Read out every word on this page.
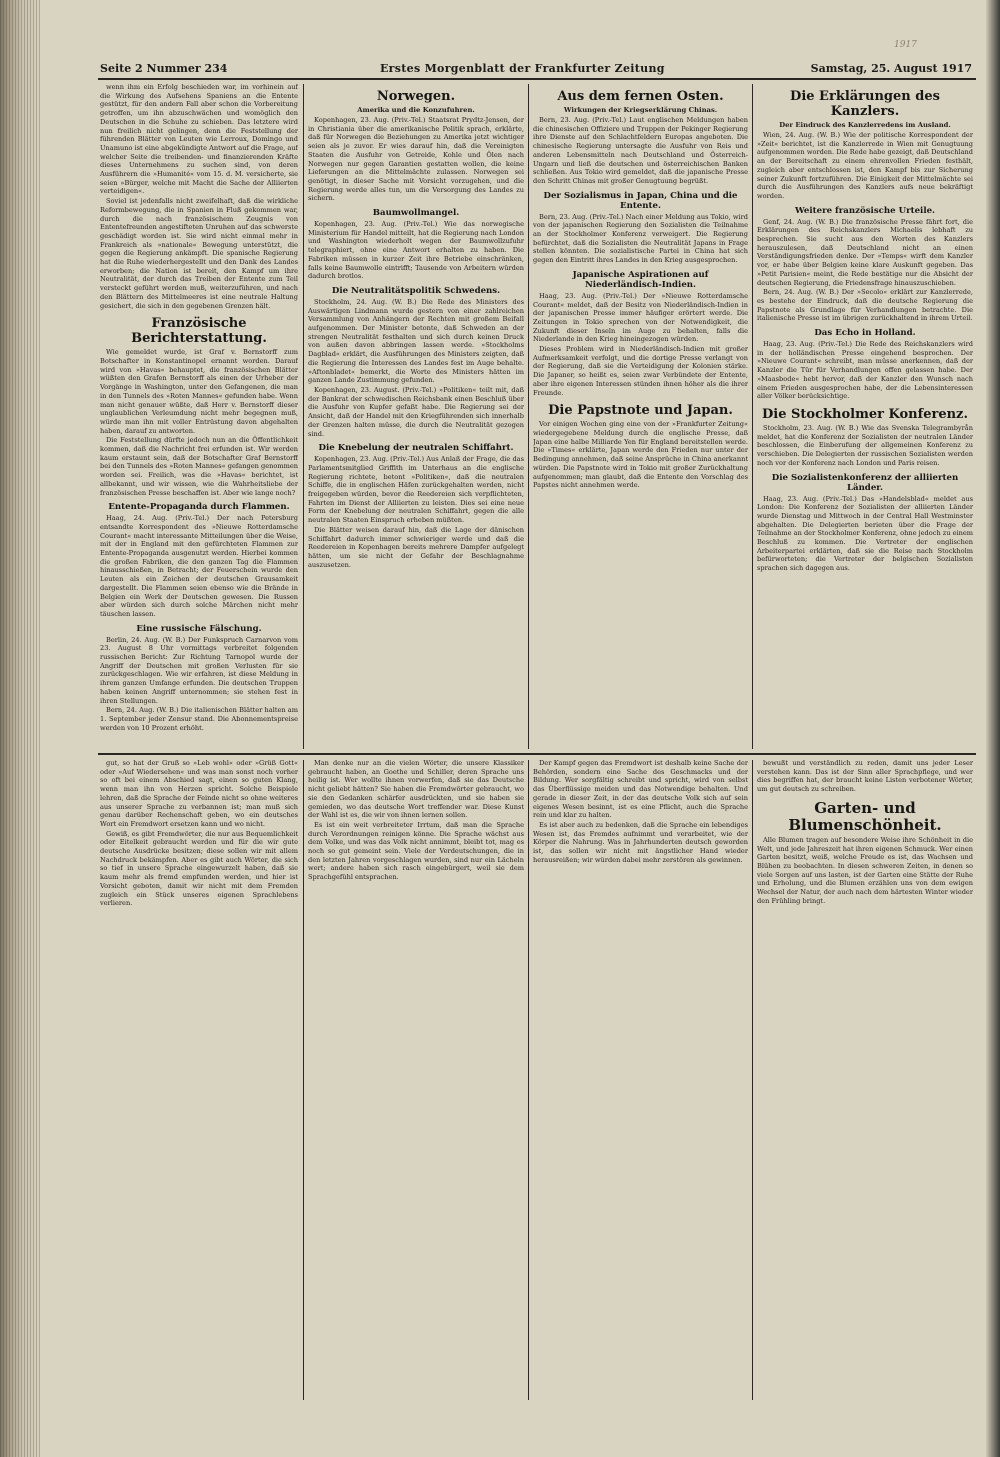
1917
Seite 2 Nummer 234	Erstes Morgenblatt der Frankfurter Zeitung	Samstag, 25. August 1917

wenn ihm ein Erfolg beschieden war, im vorhinein auf die Wirkung des Aufsehens Spaniens an die Entente gestützt, für den andern Fall aber schon die Vorbereitung getroffen, um ihn abzuschwächen und womöglich den Deutschen in die Schuhe zu schieben. Das letztere wird nun freilich nicht gelingen, denn die Feststellung der führenden Blätter von Leuten wie Lerroux, Domingo und Unamuno ist eine abgekündigte Antwort auf die Frage, auf welcher Seite die treibenden- und finanzierenden Kräfte dieses Unternehmens zu suchen sind, von deren Ausführern die »Humanité« vom 15. d. M. versicherte, sie seien »Bürger, welche mit Macht die Sache der Alliierten verteidigen«.

Soviel ist jedenfalls nicht zweifelhaft, daß die wirkliche Reformbewegung, die in Spanien in Fluß gekommen war, durch die nach französischem Zeugnis von Ententefreunden angestifteten Unruhen auf das schwerste geschädigt worden ist. Sie wird nicht einmal mehr in Frankreich als »nationale« Bewegung unterstützt, die gegen die Regierung ankämpft. Die spanische Regierung hat die Ruhe wiederhergestellt und den Dank des Landes erworben; die Nation ist bereit, den Kampf um ihre Neutralität, der durch das Treiben der Entente zum Teil versteckt geführt werden muß, weiterzuführen, und nach den Blättern des Mittelmeeres ist eine neutrale Haltung gesichert, die sich in den gegebenen Grenzen hält.

Französische Berichterstattung.

Wie gemeldet wurde, ist Graf v. Bernstorff zum Botschafter in Konstantinopel ernannt worden. Darauf wird von »Havas« behauptet, die französischen Blätter wüßten den Grafen Bernstorff als einen der Urheber der Vorgänge in Washington, unter den Gefangenen, die man in den Tunnels des »Roten Mannes« gefunden habe. Wenn man nicht genauer wüßte, daß Herr v. Bernstorff dieser unglaublichen Verleumdung nicht mehr begegnen muß, würde man ihn mit voller Entrüstung davon abgehalten haben, darauf zu antworten.

Die Feststellung dürfte jedoch nun an die Öffentlichkeit kommen, daß die Nachricht frei erfunden ist. Wir werden kaum erstaunt sein, daß der Botschafter Graf Bernstorff bei den Tunnels des »Roten Mannes« gefangen genommen worden sei. Freilich, was die »Havas« berichtet, ist allbekannt, und wir wissen, wie die Wahrheitsliebe der französischen Presse beschaffen ist. Aber wie lange noch?

Entente-Propaganda durch Flammen.

Haag, 24. Aug. (Priv.-Tel.) Der nach Petersburg entsandte Korrespondent des »Nieuwe Rotterdamsche Courant« macht interessante Mitteilungen über die Weise, mit der in England mit den gefürchteten Flammen zur Entente-Propaganda ausgenutzt werden. Hierbei kommen die großen Fabriken, die den ganzen Tag die Flammen hinausschießen, in Betracht; der Feuerschein wurde den Leuten als ein Zeichen der deutschen Grausamkeit dargestellt. Die Flammen seien ebenso wie die Brände in Belgien ein Werk der Deutschen gewesen. Die Russen aber würden sich durch solche Märchen nicht mehr täuschen lassen.

Eine russische Fälschung.

Berlin, 24. Aug. (W. B.) Der Funkspruch Carnarvon vom 23. August 8 Uhr vormittags verbreitet folgenden russischen Bericht: Zur Richtung Tarnopol wurde der Angriff der Deutschen mit großen Verlusten für sie zurückgeschlagen. Wie wir erfahren, ist diese Meldung in ihrem ganzen Umfange erfunden. Die deutschen Truppen haben keinen Angriff unternommen; sie stehen fest in ihren Stellungen.

Bern, 24. Aug. (W. B.) Die italienischen Blätter halten am 1. September jeder Zensur stand. Die Abonnementspreise werden von 10 Prozent erhöht.

Norwegen.
Amerika und die Konzufuhren.

Kopenhagen, 23. Aug. (Priv.-Tel.) Staatsrat Prydtz-Jensen, der in Christiania über die amerikanische Politik sprach, erklärte, daß für Norwegen die Beziehungen zu Amerika jetzt wichtiger seien als je zuvor. Er wies darauf hin, daß die Vereinigten Staaten die Ausfuhr von Getreide, Kohle und Ölen nach Norwegen nur gegen Garantien gestatten wollen, die keine Lieferungen an die Mittelmächte zulassen. Norwegen sei genötigt, in dieser Sache mit Vorsicht vorzugehen, und die Regierung werde alles tun, um die Versorgung des Landes zu sichern.

Baumwollmangel.

Kopenhagen, 23. Aug. (Priv.-Tel.) Wie das norwegische Ministerium für Handel mitteilt, hat die Regierung nach London und Washington wiederholt wegen der Baumwollzufuhr telegraphiert, ohne eine Antwort erhalten zu haben. Die Fabriken müssen in kurzer Zeit ihre Betriebe einschränken, falls keine Baumwolle eintrifft; Tausende von Arbeitern würden dadurch brotlos.

Die Neutralitätspolitik Schwedens.

Stockholm, 24. Aug. (W. B.) Die Rede des Ministers des Auswärtigen Lindmann wurde gestern von einer zahlreichen Versammlung von Anhängern der Rechten mit großem Beifall aufgenommen. Der Minister betonte, daß Schweden an der strengen Neutralität festhalten und sich durch keinen Druck von außen davon abbringen lassen werde. »Stockholms Dagblad« erklärt, die Ausführungen des Ministers zeigten, daß die Regierung die Interessen des Landes fest im Auge behalte. »Aftonbladet« bemerkt, die Worte des Ministers hätten im ganzen Lande Zustimmung gefunden.

Kopenhagen, 23. August. (Priv.-Tel.) »Politiken« teilt mit, daß der Bankrat der schwedischen Reichsbank einen Beschluß über die Ausfuhr von Kupfer gefaßt habe. Die Regierung sei der Ansicht, daß der Handel mit den Kriegführenden sich innerhalb der Grenzen halten müsse, die durch die Neutralität gezogen sind.

Die Knebelung der neutralen Schiffahrt.

Kopenhagen, 23. Aug. (Priv.-Tel.) Aus Anlaß der Frage, die das Parlamentsmitglied Griffith im Unterhaus an die englische Regierung richtete, betont »Politiken«, daß die neutralen Schiffe, die in englischen Häfen zurückgehalten werden, nicht freigegeben würden, bevor die Reedereien sich verpflichteten, Fahrten im Dienst der Alliierten zu leisten. Dies sei eine neue Form der Knebelung der neutralen Schiffahrt, gegen die alle neutralen Staaten Einspruch erheben müßten.

Die Blätter weisen darauf hin, daß die Lage der dänischen Schiffahrt dadurch immer schwieriger werde und daß die Reedereien in Kopenhagen bereits mehrere Dampfer aufgelegt hätten, um sie nicht der Gefahr der Beschlagnahme auszusetzen.

Aus dem fernen Osten.
Wirkungen der Kriegserklärung Chinas.

Bern, 23. Aug. (Priv.-Tel.) Laut englischen Meldungen haben die chinesischen Offiziere und Truppen der Pekinger Regierung ihre Dienste auf den Schlachtfeldern Europas angeboten. Die chinesische Regierung untersagte die Ausfuhr von Reis und anderen Lebensmitteln nach Deutschland und Österreich-Ungarn und ließ die deutschen und österreichischen Banken schließen. Aus Tokio wird gemeldet, daß die japanische Presse den Schritt Chinas mit großer Genugtuung begrüßt.

Der Sozialismus in Japan, China und die Entente.

Bern, 23. Aug. (Priv.-Tel.) Nach einer Meldung aus Tokio, wird von der japanischen Regierung den Sozialisten die Teilnahme an der Stockholmer Konferenz verweigert. Die Regierung befürchtet, daß die Sozialisten die Neutralität Japans in Frage stellen könnten. Die sozialistische Partei in China hat sich gegen den Eintritt ihres Landes in den Krieg ausgesprochen.

Japanische Aspirationen auf Niederländisch-Indien.

Haag, 23. Aug. (Priv.-Tel.) Der »Nieuwe Rotterdamsche Courant« meldet, daß der Besitz von Niederländisch-Indien in der japanischen Presse immer häufiger erörtert werde. Die Zeitungen in Tokio sprechen von der Notwendigkeit, die Zukunft dieser Inseln im Auge zu behalten, falls die Niederlande in den Krieg hineingezogen würden.

Dieses Problem wird in Niederländisch-Indien mit großer Aufmerksamkeit verfolgt, und die dortige Presse verlangt von der Regierung, daß sie die Verteidigung der Kolonien stärke. Die Japaner, so heißt es, seien zwar Verbündete der Entente, aber ihre eigenen Interessen stünden ihnen höher als die ihrer Freunde.

Die Papstnote und Japan.

Vor einigen Wochen ging eine von der »Frankfurter Zeitung« wiedergegebene Meldung durch die englische Presse, daß Japan eine halbe Milliarde Yen für England bereitstellen werde. Die »Times« erklärte, Japan werde den Frieden nur unter der Bedingung annehmen, daß seine Ansprüche in China anerkannt würden. Die Papstnote wird in Tokio mit großer Zurückhaltung aufgenommen; man glaubt, daß die Entente den Vorschlag des Papstes nicht annehmen werde.

Die Erklärungen des Kanzlers.
Der Eindruck des Kanzlerredens im Ausland.

Wien, 24. Aug. (W. B.) Wie der politische Korrespondent der »Zeit« berichtet, ist die Kanzlerrede in Wien mit Genugtuung aufgenommen worden. Die Rede habe gezeigt, daß Deutschland an der Bereitschaft zu einem ehrenvollen Frieden festhält, zugleich aber entschlossen ist, den Kampf bis zur Sicherung seiner Zukunft fortzuführen. Die Einigkeit der Mittelmächte sei durch die Ausführungen des Kanzlers aufs neue bekräftigt worden.

Weitere französische Urteile.

Genf, 24. Aug. (W. B.) Die französische Presse fährt fort, die Erklärungen des Reichskanzlers Michaelis lebhaft zu besprechen. Sie sucht aus den Worten des Kanzlers herauszulesen, daß Deutschland nicht an einen Verständigungsfrieden denke. Der »Temps« wirft dem Kanzler vor, er habe über Belgien keine klare Auskunft gegeben. Das »Petit Parisien« meint, die Rede bestätige nur die Absicht der deutschen Regierung, die Friedensfrage hinauszuschieben.

Bern, 24. Aug. (W. B.) Der »Secolo« erklärt zur Kanzlerrede, es bestehe der Eindruck, daß die deutsche Regierung die Papstnote als Grundlage für Verhandlungen betrachte. Die italienische Presse ist im übrigen zurückhaltend in ihrem Urteil.

Das Echo in Holland.

Haag, 23. Aug. (Priv.-Tel.) Die Rede des Reichskanzlers wird in der holländischen Presse eingehend besprochen. Der »Nieuwe Courant« schreibt, man müsse anerkennen, daß der Kanzler die Tür für Verhandlungen offen gelassen habe. Der »Maasbode« hebt hervor, daß der Kanzler den Wunsch nach einem Frieden ausgesprochen habe, der die Lebensinteressen aller Völker berücksichtige.

Die Stockholmer Konferenz.

Stockholm, 23. Aug. (W. B.) Wie das Svenska Telegrambyrån meldet, hat die Konferenz der Sozialisten der neutralen Länder beschlossen, die Einberufung der allgemeinen Konferenz zu verschieben. Die Delegierten der russischen Sozialisten werden noch vor der Konferenz nach London und Paris reisen.

Die Sozialistenkonferenz der alliierten Länder.

Haag, 23. Aug. (Priv.-Tel.) Das »Handelsblad« meldet aus London: Die Konferenz der Sozialisten der alliierten Länder wurde Dienstag und Mittwoch in der Central Hall Westminster abgehalten. Die Delegierten berieten über die Frage der Teilnahme an der Stockholmer Konferenz, ohne jedoch zu einem Beschluß zu kommen. Die Vertreter der englischen Arbeiterpartei erklärten, daß sie die Reise nach Stockholm befürworteten; die Vertreter der belgischen Sozialisten sprachen sich dagegen aus.

gut, so hat der Gruß so »Leb wohl« oder »Grüß Gott« oder »Auf Wiedersehen« und was man sonst noch vorher so oft bei einem Abschied sagt, einen so guten Klang, wenn man ihn von Herzen spricht. Solche Beispiele lehren, daß die Sprache der Feinde nicht so ohne weiteres aus unserer Sprache zu verbannen ist; man muß sich genau darüber Rechenschaft geben, wo ein deutsches Wort ein Fremdwort ersetzen kann und wo nicht.

Gewiß, es gibt Fremdwörter, die nur aus Bequemlichkeit oder Eitelkeit gebraucht werden und für die wir gute deutsche Ausdrücke besitzen; diese sollen wir mit allem Nachdruck bekämpfen. Aber es gibt auch Wörter, die sich so tief in unsere Sprache eingewurzelt haben, daß sie kaum mehr als fremd empfunden werden, und hier ist Vorsicht geboten, damit wir nicht mit dem Fremden zugleich ein Stück unseres eigenen Sprachlebens verlieren.

Man denke nur an die vielen Wörter, die unsere Klassiker gebraucht haben, an Goethe und Schiller, deren Sprache uns heilig ist. Wer wollte ihnen vorwerfen, daß sie das Deutsche nicht geliebt hätten? Sie haben die Fremdwörter gebraucht, wo sie den Gedanken schärfer ausdrückten, und sie haben sie gemieden, wo das deutsche Wort treffender war. Diese Kunst der Wahl ist es, die wir von ihnen lernen sollen.

Es ist ein weit verbreiteter Irrtum, daß man die Sprache durch Verordnungen reinigen könne. Die Sprache wächst aus dem Volke, und was das Volk nicht annimmt, bleibt tot, mag es noch so gut gemeint sein. Viele der Verdeutschungen, die in den letzten Jahren vorgeschlagen wurden, sind nur ein Lächeln wert; andere haben sich rasch eingebürgert, weil sie dem Sprachgefühl entsprachen.

Der Kampf gegen das Fremdwort ist deshalb keine Sache der Behörden, sondern eine Sache des Geschmacks und der Bildung. Wer sorgfältig schreibt und spricht, wird von selbst das Überflüssige meiden und das Notwendige behalten. Und gerade in dieser Zeit, in der das deutsche Volk sich auf sein eigenes Wesen besinnt, ist es eine Pflicht, auch die Sprache rein und klar zu halten.

Es ist aber auch zu bedenken, daß die Sprache ein lebendiges Wesen ist, das Fremdes aufnimmt und verarbeitet, wie der Körper die Nahrung. Was in Jahrhunderten deutsch geworden ist, das sollen wir nicht mit ängstlicher Hand wieder herausreißen; wir würden dabei mehr zerstören als gewinnen.

bewußt und verständlich zu reden, damit uns jeder Leser verstehen kann. Das ist der Sinn aller Sprachpflege, und wer dies begriffen hat, der braucht keine Listen verbotener Wörter, um gut deutsch zu schreiben.

Garten- und Blumenschönheit.

Alle Blumen tragen auf besondere Weise ihre Schönheit in die Welt, und jede Jahreszeit hat ihren eigenen Schmuck. Wer einen Garten besitzt, weiß, welche Freude es ist, das Wachsen und Blühen zu beobachten. In diesen schweren Zeiten, in denen so viele Sorgen auf uns lasten, ist der Garten eine Stätte der Ruhe und Erholung, und die Blumen erzählen uns von dem ewigen Wechsel der Natur, der auch nach dem härtesten Winter wieder den Frühling bringt.
